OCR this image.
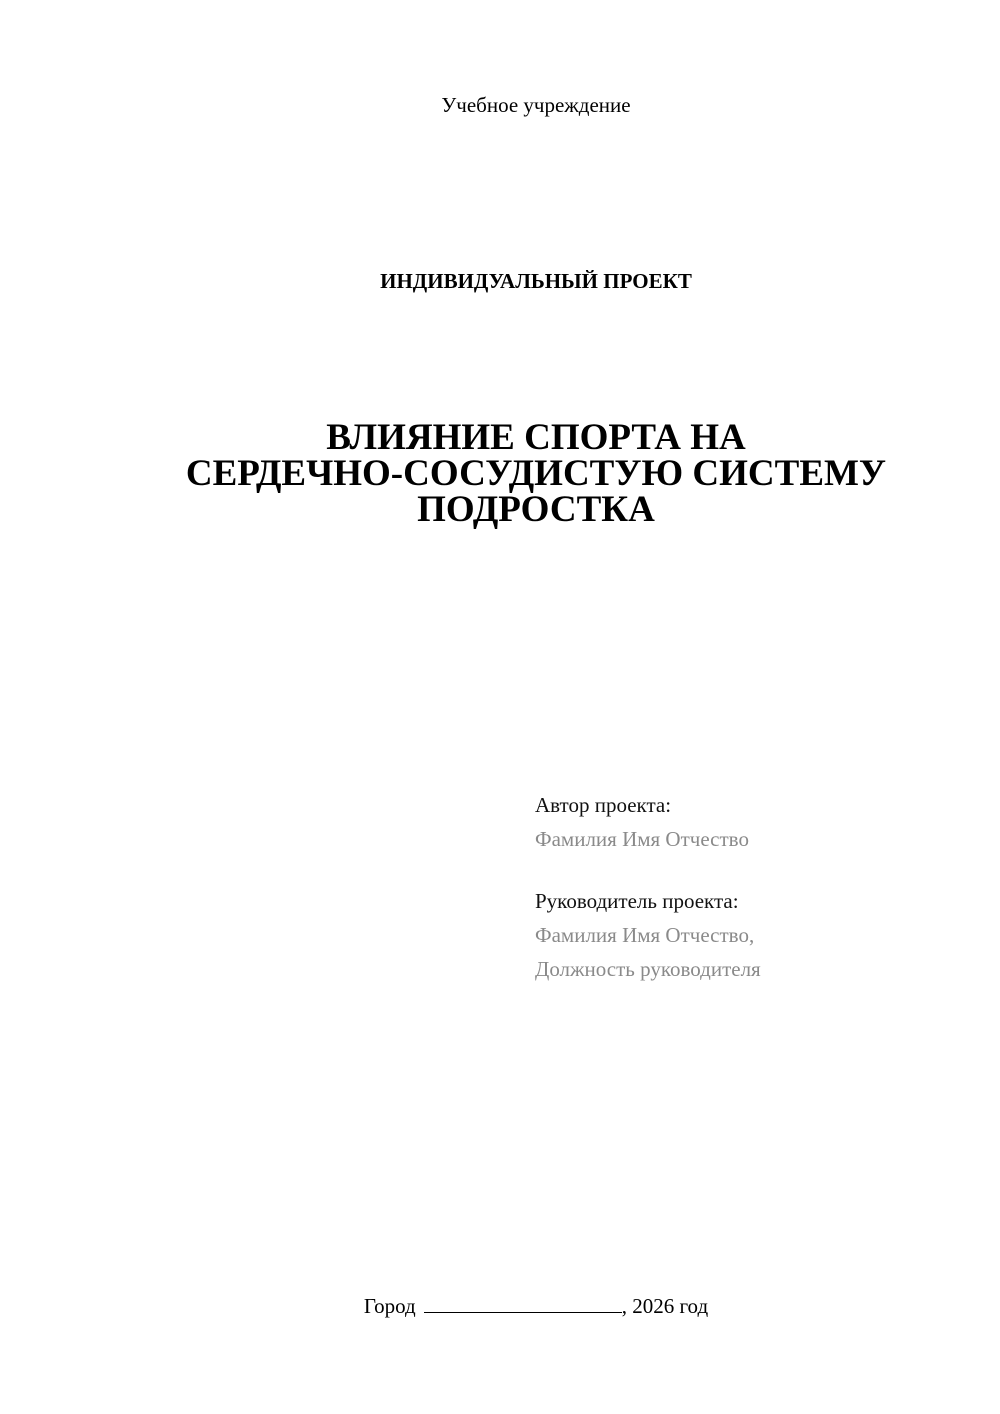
Учебное учреждение
ИНДИВИДУАЛЬНЫЙ ПРОЕКТ
ВЛИЯНИЕ СПОРТА НА
СЕРДЕЧНО-СОСУДИСТУЮ СИСТЕМУ
ПОДРОСТКА
Автор проекта:
Фамилия Имя Отчество
Руководитель проекта:
Фамилия Имя Отчество,
Должность руководителя
Город	, 2026 год
